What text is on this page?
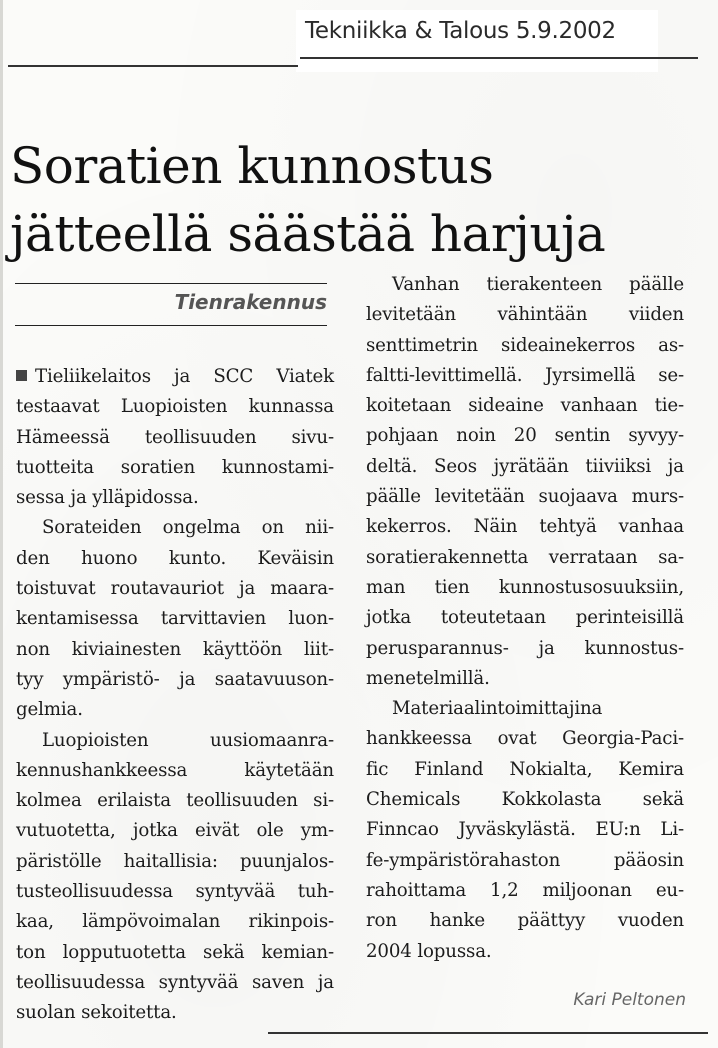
Tekniikka & Talous 5.9.2002
Soratien kunnostus
jätteellä säästää harjuja
Tienrakennus
Tieliikelaitos ja SCC Viatek
testaavat Luopioisten kunnassa
Hämeessä teollisuuden sivu-
tuotteita soratien kunnostami-
sessa ja ylläpidossa.
Sorateiden ongelma on nii-
den huono kunto. Keväisin
toistuvat routavauriot ja maara-
kentamisessa tarvittavien luon-
non kiviainesten käyttöön liit-
tyy ympäristö- ja saatavuuson-
gelmia.
Luopioisten uusiomaanra-
kennushankkeessa käytetään
kolmea erilaista teollisuuden si-
vutuotetta, jotka eivät ole ym-
päristölle haitallisia: puunjalos-
tusteollisuudessa syntyvää tuh-
kaa, lämpövoimalan rikinpois-
ton lopputuotetta sekä kemian-
teollisuudessa syntyvää saven ja
suolan sekoitetta.
Vanhan tierakenteen päälle
levitetään vähintään viiden
senttimetrin sideainekerros as-
faltti-levittimellä. Jyrsimellä se-
koitetaan sideaine vanhaan tie-
pohjaan noin 20 sentin syvyy-
deltä. Seos jyrätään tiiviiksi ja
päälle levitetään suojaava murs-
kekerros. Näin tehtyä vanhaa
soratierakennetta verrataan sa-
man tien kunnostusosuuksiin,
jotka toteutetaan perinteisillä
perusparannus- ja kunnostus-
menetelmillä.
Materiaalintoimittajina
hankkeessa ovat Georgia-Paci-
fic Finland Nokialta, Kemira
Chemicals Kokkolasta sekä
Finncao Jyväskylästä. EU:n Li-
fe-ympäristörahaston pääosin
rahoittama 1,2 miljoonan eu-
ron hanke päättyy vuoden
2004 lopussa.
Kari Peltonen
